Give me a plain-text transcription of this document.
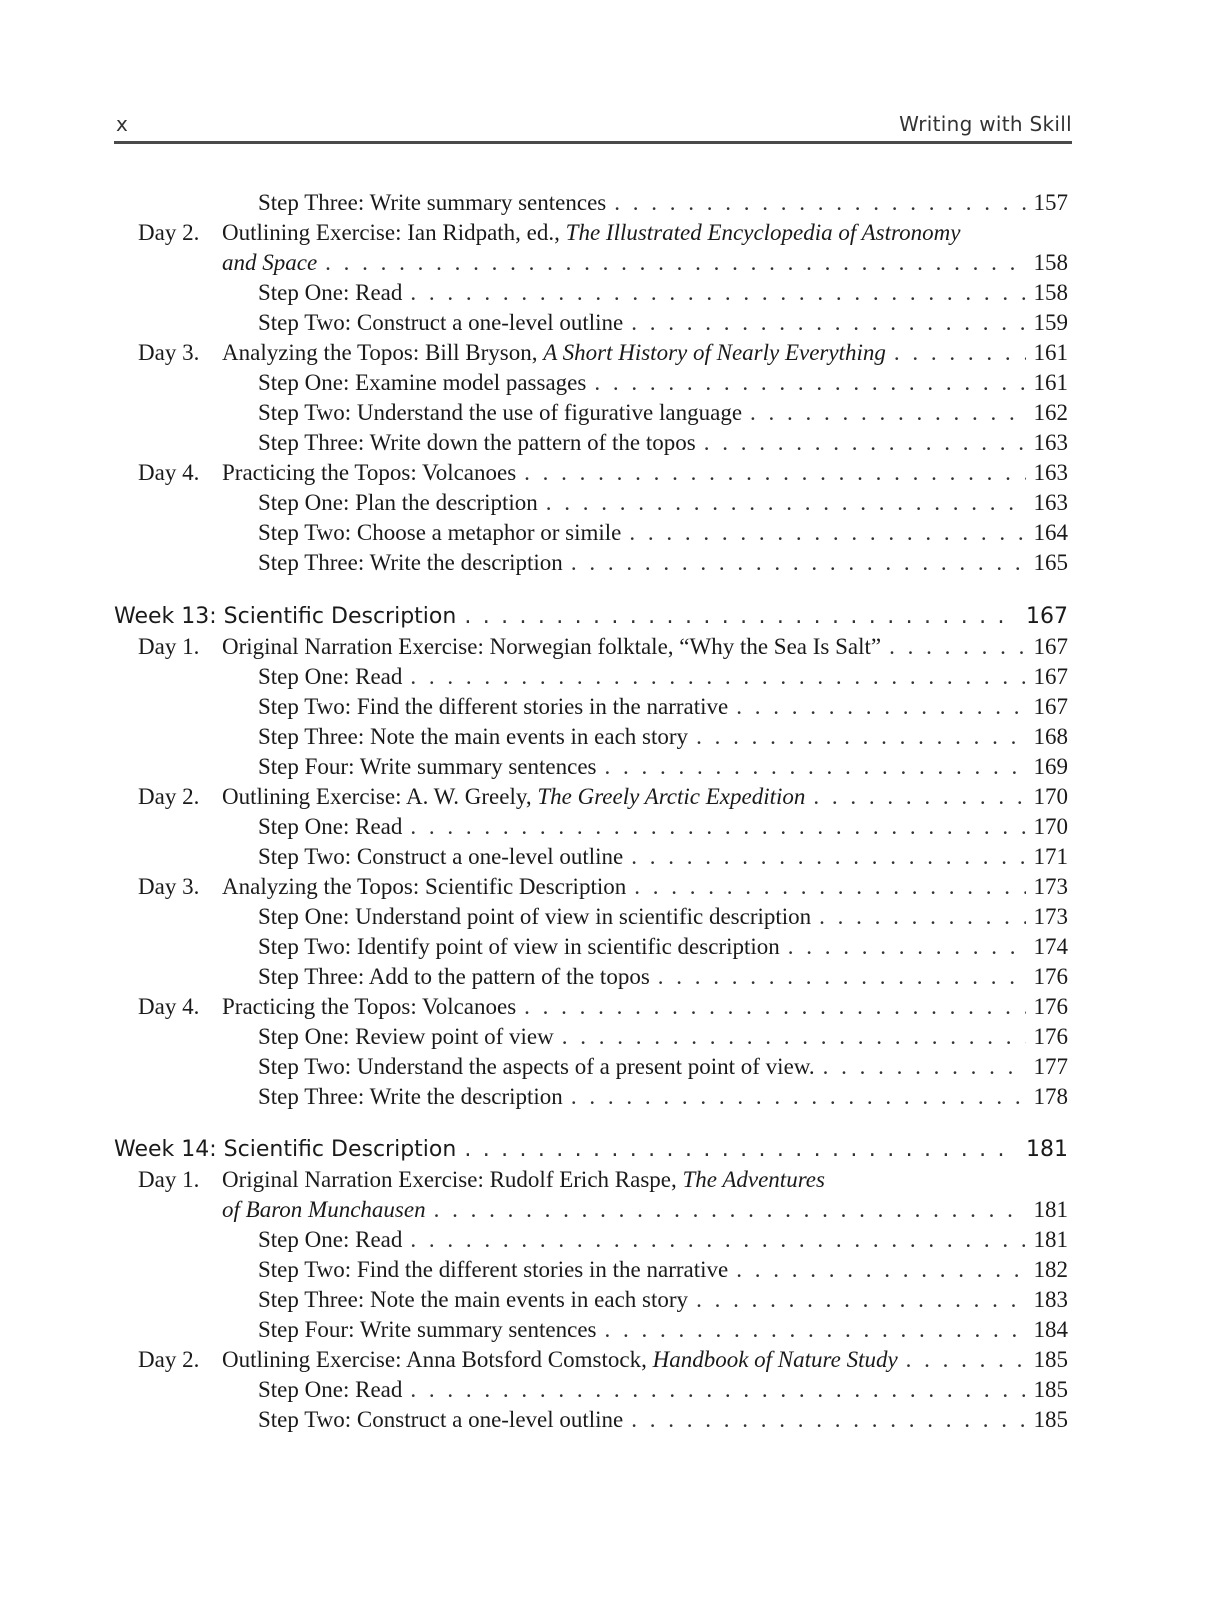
x	Writing with Skill
Step Three: Write summary sentences . . .	157
Day 2. Outlining Exercise: Ian Ridpath, ed., The Illustrated Encyclopedia of Astronomy
and Space . . .	158
Step One: Read . . .	158
Step Two: Construct a one-level outline . . .	159
Day 3. Analyzing the Topos: Bill Bryson, A Short History of Nearly Everything . . .	161
Step One: Examine model passages . . .	161
Step Two: Understand the use of figurative language . . .	162
Step Three: Write down the pattern of the topos . . .	163
Day 4. Practicing the Topos: Volcanoes . . .	163
Step One: Plan the description . . .	163
Step Two: Choose a metaphor or simile . . .	164
Step Three: Write the description . . .	165
Week 13: Scientific Description . . .	167
Day 1. Original Narration Exercise: Norwegian folktale, “Why the Sea Is Salt” . . .	167
Step One: Read . . .	167
Step Two: Find the different stories in the narrative . . .	167
Step Three: Note the main events in each story . . .	168
Step Four: Write summary sentences . . .	169
Day 2. Outlining Exercise: A. W. Greely, The Greely Arctic Expedition . . .	170
Step One: Read . . .	170
Step Two: Construct a one-level outline . . .	171
Day 3. Analyzing the Topos: Scientific Description . . .	173
Step One: Understand point of view in scientific description . . .	173
Step Two: Identify point of view in scientific description . . .	174
Step Three: Add to the pattern of the topos . . .	176
Day 4. Practicing the Topos: Volcanoes . . .	176
Step One: Review point of view . . .	176
Step Two: Understand the aspects of a present point of view. . . .	177
Step Three: Write the description . . .	178
Week 14: Scientific Description . . .	181
Day 1. Original Narration Exercise: Rudolf Erich Raspe, The Adventures
of Baron Munchausen . . .	181
Step One: Read . . .	181
Step Two: Find the different stories in the narrative . . .	182
Step Three: Note the main events in each story . . .	183
Step Four: Write summary sentences . . .	184
Day 2. Outlining Exercise: Anna Botsford Comstock, Handbook of Nature Study . . .	185
Step One: Read . . .	185
Step Two: Construct a one-level outline . . .	185
